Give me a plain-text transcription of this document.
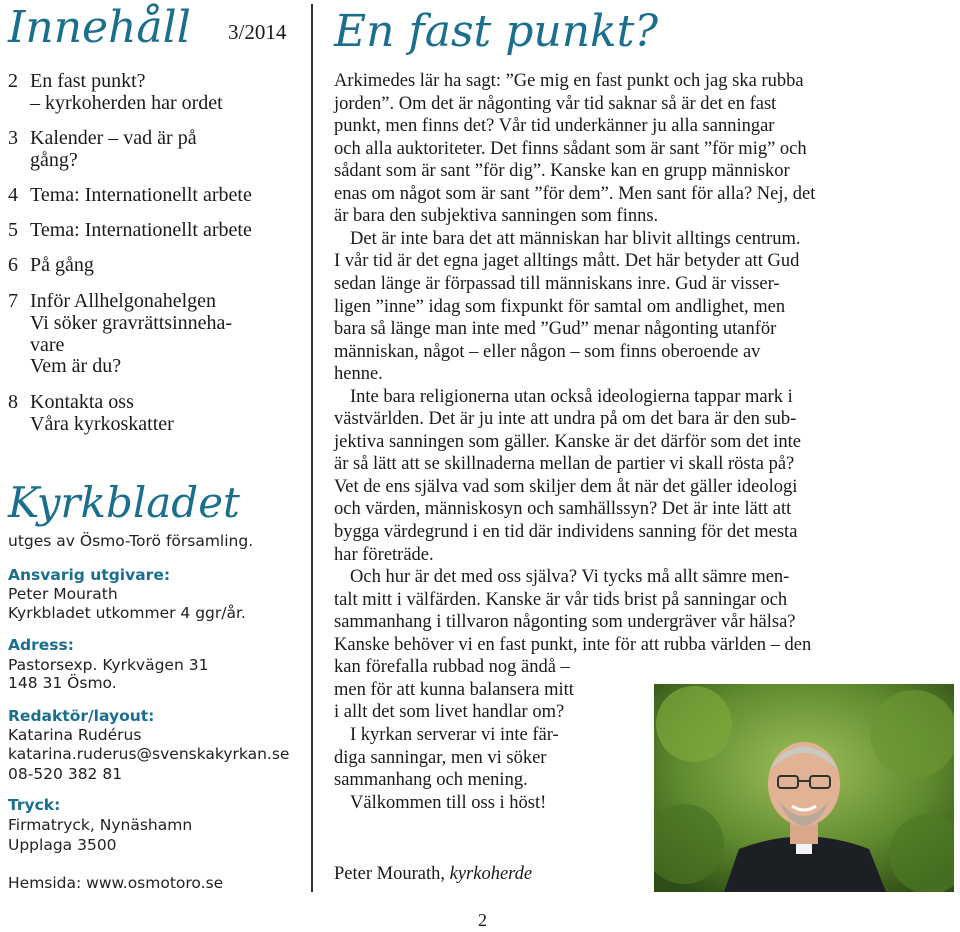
Innehåll 3/2014
2 En fast punkt?
– kyrkoherden har ordet
3 Kalender – vad är på
gång?
4 Tema: Internationellt arbete
5 Tema: Internationellt arbete
6 På gång
7 Inför Allhelgonahelgen
Vi söker gravrättsinneha-
vare
Vem är du?
8 Kontakta oss
Våra kyrkoskatter
Kyrkbladet
utges av Ösmo-Torö församling.
Ansvarig utgivare:
Peter Mourath
Kyrkbladet utkommer 4 ggr/år.
Adress:
Pastorsexp. Kyrkvägen 31
148 31 Ösmo.
Redaktör/layout:
Katarina Rudérus
katarina.ruderus@svenskakyrkan.se
08-520 382 81
Tryck:
Firmatryck, Nynäshamn
Upplaga 3500
Hemsida: www.osmotoro.se
En fast punkt?
Arkimedes lär ha sagt: ”Ge mig en fast punkt och jag ska rubba
jorden”. Om det är någonting vår tid saknar så är det en fast
punkt, men finns det? Vår tid underkänner ju alla sanningar
och alla auktoriteter. Det finns sådant som är sant ”för mig” och
sådant som är sant ”för dig”. Kanske kan en grupp människor
enas om något som är sant ”för dem”. Men sant för alla? Nej, det
är bara den subjektiva sanningen som finns.
Det är inte bara det att människan har blivit alltings centrum.
I vår tid är det egna jaget alltings mått. Det här betyder att Gud
sedan länge är förpassad till människans inre. Gud är visser-
ligen ”inne” idag som fixpunkt för samtal om andlighet, men
bara så länge man inte med ”Gud” menar någonting utanför
människan, något – eller någon – som finns oberoende av
henne.
Inte bara religionerna utan också ideologierna tappar mark i
västvärlden. Det är ju inte att undra på om det bara är den sub-
jektiva sanningen som gäller. Kanske är det därför som det inte
är så lätt att se skillnaderna mellan de partier vi skall rösta på?
Vet de ens själva vad som skiljer dem åt när det gäller ideologi
och värden, människosyn och samhällssyn? Det är inte lätt att
bygga värdegrund i en tid där individens sanning för det mesta
har företräde.
Och hur är det med oss själva? Vi tycks må allt sämre men-
talt mitt i välfärden. Kanske är vår tids brist på sanningar och
sammanhang i tillvaron någonting som undergräver vår hälsa?
Kanske behöver vi en fast punkt, inte för att rubba världen – den
kan förefalla rubbad nog ändå –
men för att kunna balansera mitt
i allt det som livet handlar om?
I kyrkan serverar vi inte fär-
diga sanningar, men vi söker
sammanhang och mening.
Välkommen till oss i höst!
Peter Mourath, kyrkoherde
2
